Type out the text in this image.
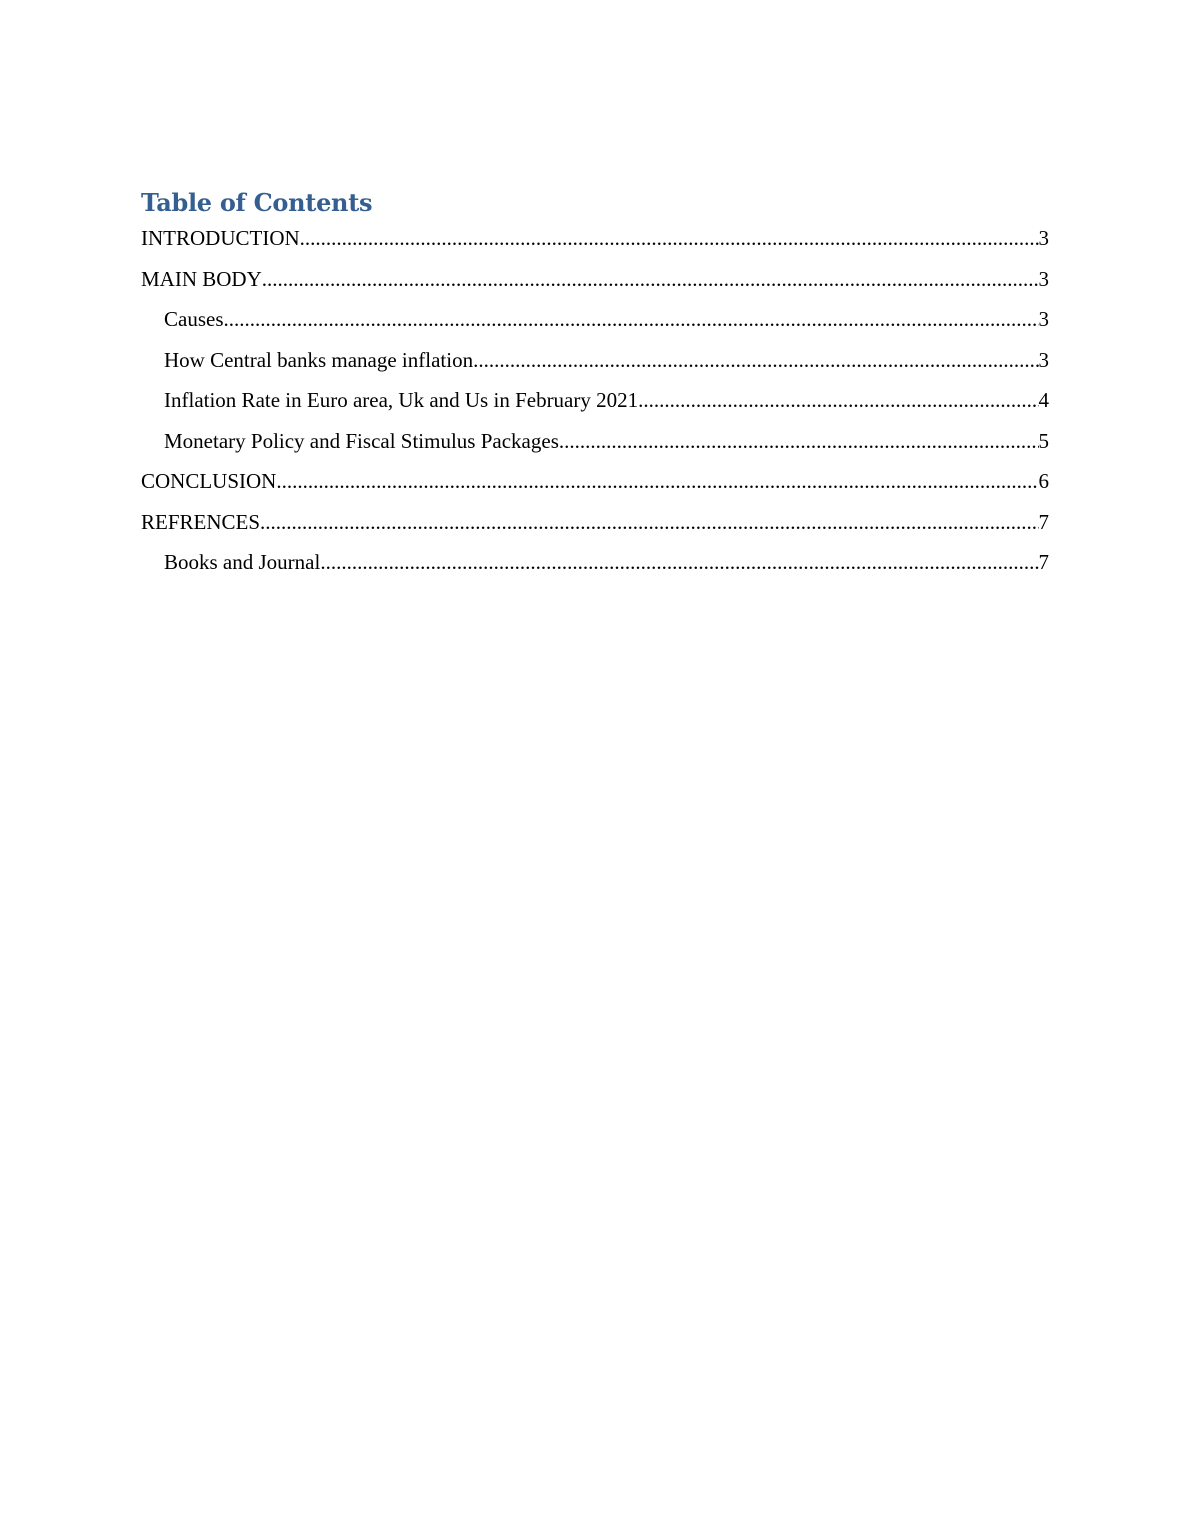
Table of Contents
INTRODUCTION .....	3
MAIN BODY .....	3
Causes .....	3
How Central banks manage inflation .....	3
Inflation Rate in Euro area, Uk and Us in February 2021 .....	4
Monetary Policy and Fiscal Stimulus Packages .....	5
CONCLUSION .....	6
REFRENCES .....	7
Books and Journal .....	7
